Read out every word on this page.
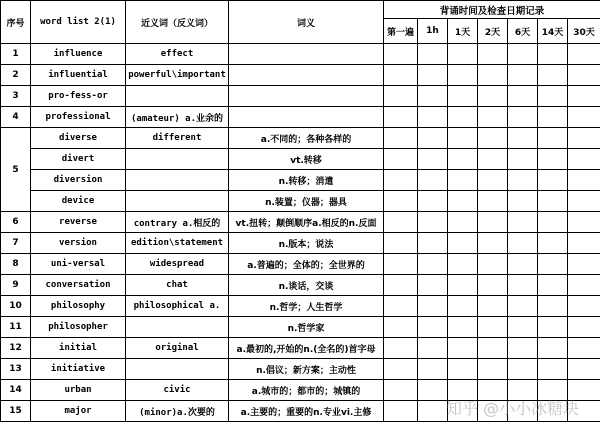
序号	word list 2(1)	近义词（反义词）	词义	背诵时间及检查日期记录						
				第一遍	1h	1天	2天	6天	14天	30天
1	influence	effect								
2	influential	powerful\important								
3	pro-fess-or									
4	professional	(amateur) a.业余的								
5	diverse	different	a.不同的；各种各样的							
	divert		vt.转移							
	diversion		n.转移；消遣							
	device		n.装置；仪器；器具							
6	reverse	contrary a.相反的	vt.扭转；颠倒顺序a.相反的n.反面							
7	version	edition\statement	n.版本；说法							
8	uni-versal	widespread	a.普遍的；全体的；全世界的							
9	conversation	chat	n.谈话，交谈							
10	philosophy	philosophical a.	n.哲学；人生哲学							
11	philosopher		n.哲学家							
12	initial	original	a.最初的,开始的n.(全名的)首字母							
13	initiative		n.倡议；新方案；主动性							
14	urban	civic	a.城市的；都市的；城镇的							
15	major	(minor)a.次要的	a.主要的；重要的n.专业vi.主修								知乎 @小小冰糖块
